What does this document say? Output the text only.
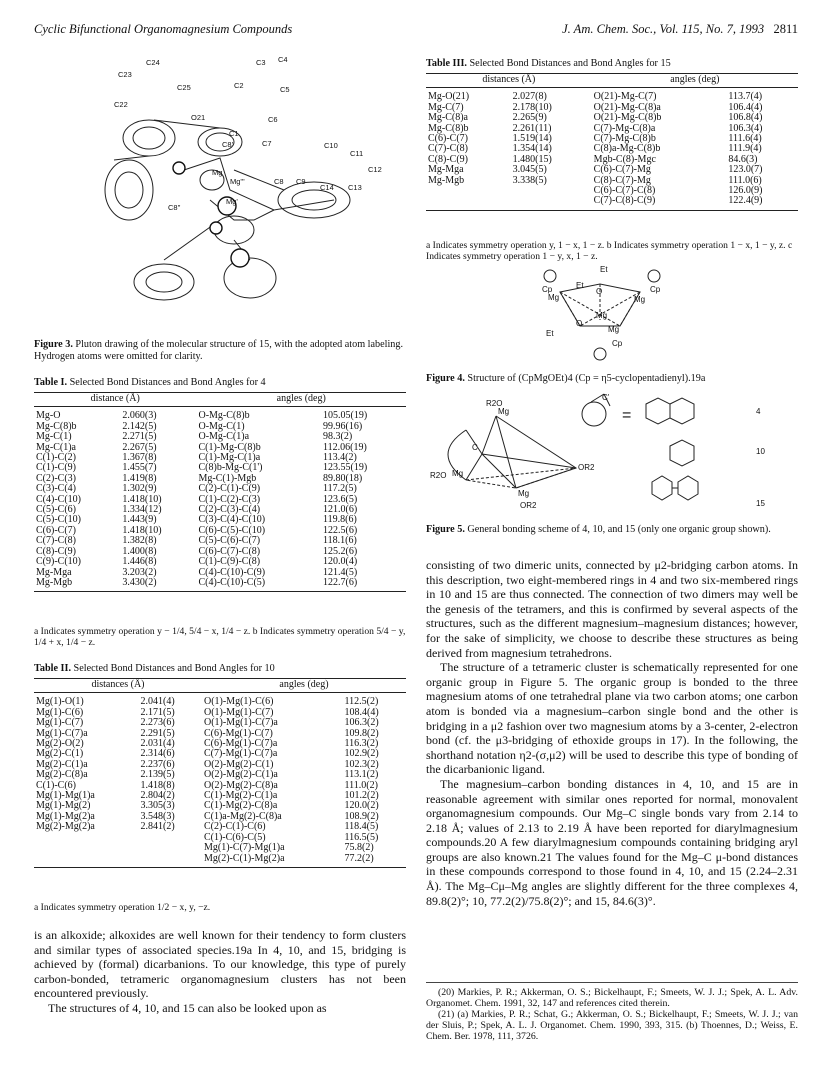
Cyclic Bifunctional Organomagnesium Compounds	J. Am. Chem. Soc., Vol. 115, No. 7, 1993 2811
C24	C3 C4
C23
C25	C2	C5
C22
O21	C6
C1
C8'	C7
Mg
C10
C11
C12
C9
C8
C14 C13
Mg'''
Mg'
C8''
Figure 3. Pluton drawing of the molecular structure of 15, with the adopted atom labeling. Hydrogen atoms were omitted for clarity.
Table I. Selected Bond Distances and Bond Angles for 4
distance (Å)		angles (deg)	
Mg-O	2.060(3)	O-Mg-C(8)b	105.05(19)
Mg-C(8)b	2.142(5)	O-Mg-C(1)	99.96(16)
Mg-C(1)	2.271(5)	O-Mg-C(1)a	98.3(2)
Mg-C(1)a	2.267(5)	C(1)-Mg-C(8)b	112.06(19)
C(1)-C(2)	1.367(8)	C(1)-Mg-C(1)a	113.4(2)
C(1)-C(9)	1.455(7)	C(8)b-Mg-C(1')	123.55(19)
C(2)-C(3)	1.419(8)	Mg-C(1)-Mgb	89.80(18)
C(3)-C(4)	1.302(9)	C(2)-C(1)-C(9)	117.2(5)
C(4)-C(10)	1.418(10)	C(1)-C(2)-C(3)	123.6(5)
C(5)-C(6)	1.334(12)	C(2)-C(3)-C(4)	121.0(6)
C(5)-C(10)	1.443(9)	C(3)-C(4)-C(10)	119.8(6)
C(6)-C(7)	1.418(10)	C(6)-C(5)-C(10)	122.5(6)
C(7)-C(8)	1.382(8)	C(5)-C(6)-C(7)	118.1(6)
C(8)-C(9)	1.400(8)	C(6)-C(7)-C(8)	125.2(6)
C(9)-C(10)	1.446(8)	C(1)-C(9)-C(8)	120.0(4)
Mg-Mga	3.203(2)	C(4)-C(10)-C(9)	121.4(5)
Mg-Mgb	3.430(2)	C(4)-C(10)-C(5)	122.7(6)
a Indicates symmetry operation y − 1/4, 5/4 − x, 1/4 − z. b Indicates symmetry operation 5/4 − y, 1/4 + x, 1/4 − z.
Table II. Selected Bond Distances and Bond Angles for 10
distances (Å)		angles (deg)	
Mg(1)-O(1)	2.041(4)	O(1)-Mg(1)-C(6)	112.5(2)
Mg(1)-C(6)	2.171(5)	O(1)-Mg(1)-C(7)	108.4(4)
Mg(1)-C(7)	2.273(6)	O(1)-Mg(1)-C(7)a	106.3(2)
Mg(1)-C(7)a	2.291(5)	C(6)-Mg(1)-C(7)	109.8(2)
Mg(2)-O(2)	2.031(4)	C(6)-Mg(1)-C(7)a	116.3(2)
Mg(2)-C(1)	2.314(6)	C(7)-Mg(1)-C(7)a	102.9(2)
Mg(2)-C(1)a	2.237(6)	O(2)-Mg(2)-C(1)	102.3(2)
Mg(2)-C(8)a	2.139(5)	O(2)-Mg(2)-C(1)a	113.1(2)
C(1)-C(6)	1.418(8)	O(2)-Mg(2)-C(8)a	111.0(2)
Mg(1)-Mg(1)a	2.804(2)	C(1)-Mg(2)-C(1)a	101.2(2)
Mg(1)-Mg(2)	3.305(3)	C(1)-Mg(2)-C(8)a	120.0(2)
Mg(1)-Mg(2)a	3.548(3)	C(1)a-Mg(2)-C(8)a	108.9(2)
Mg(2)-Mg(2)a	2.841(2)	C(2)-C(1)-C(6)	118.4(5)
		C(1)-C(6)-C(5)	116.5(5)
		Mg(1)-C(7)-Mg(1)a	75.8(2)
		Mg(2)-C(1)-Mg(2)a	77.2(2)
a Indicates symmetry operation 1/2 − x, y, −z.

is an alkoxide; alkoxides are well known for their tendency to form clusters and similar types of associated species.19a In 4, 10, and 15, bridging is achieved by (formal) dicarbanions. To our knowledge, this type of purely carbon-bonded, tetrameric organomagnesium clusters has not been encountered previously.

The structures of 4, 10, and 15 can also be looked upon as

Table III. Selected Bond Distances and Bond Angles for 15
distances (Å)		angles (deg)	
Mg-O(21)	2.027(8)	O(21)-Mg-C(7)	113.7(4)
Mg-C(7)	2.178(10)	O(21)-Mg-C(8)a	106.4(4)
Mg-C(8)a	2.265(9)	O(21)-Mg-C(8)b	106.8(4)
Mg-C(8)b	2.261(11)	C(7)-Mg-C(8)a	106.3(4)
C(6)-C(7)	1.519(14)	C(7)-Mg-C(8)b	111.6(4)
C(7)-C(8)	1.354(14)	C(8)a-Mg-C(8)b	111.9(4)
C(8)-C(9)	1.480(15)	Mgb-C(8)-Mgc	84.6(3)
Mg-Mga	3.045(5)	C(6)-C(7)-Mg	123.0(7)
Mg-Mgb	3.338(5)	C(8)-C(7)-Mg	111.0(6)
		C(6)-C(7)-C(8)	126.0(9)
		C(7)-C(8)-C(9)	122.4(9)
a Indicates symmetry operation y, 1 − x, 1 − z. b Indicates symmetry operation 1 − x, 1 − y, z. c Indicates symmetry operation 1 − y, x, 1 − z.
Et
Cp	Cp
Mg
O
Mg
Mg
Et
O
Et	Mg
Cp
Figure 4. Structure of (CpMgOEt)4 (Cp = η5-cyclopentadienyl).19a
=
R2O
Mg
C
Mg
R2O
Mg
OR2
OR2
C'
4
10
15
Figure 5. General bonding scheme of 4, 10, and 15 (only one organic group shown).

consisting of two dimeric units, connected by μ2-bridging carbon atoms. In this description, two eight-membered rings in 4 and two six-membered rings in 10 and 15 are thus connected. The connection of two dimers may well be the genesis of the tetramers, and this is confirmed by several aspects of the structures, such as the different magnesium–magnesium distances; however, for the sake of simplicity, we choose to describe these structures as being derived from magnesium tetrahedrons.

The structure of a tetrameric cluster is schematically represented for one organic group in Figure 5. The organic group is bonded to the three magnesium atoms of one tetrahedral plane via two carbon atoms; one carbon atom is bonded via a magnesium–carbon single bond and the other is bridging in a μ2 fashion over two magnesium atoms by a 3-center, 2-electron bond (cf. the μ3-bridging of ethoxide groups in 17). In the following, the shorthand notation η2-(σ,μ2) will be used to describe this type of bonding of the dicarbanionic ligand.

The magnesium–carbon bonding distances in 4, 10, and 15 are in reasonable agreement with similar ones reported for normal, monovalent organomagnesium compounds. Our Mg–C single bonds vary from 2.14 to 2.18 Å; values of 2.13 to 2.19 Å have been reported for diarylmagnesium compounds.20 A few diarylmagnesium compounds containing bridging aryl groups are also known.21 The values found for the Mg–C μ-bond distances in these compounds correspond to those found in 4, 10, and 15 (2.24–2.31 Å). The Mg–Cμ–Mg angles are slightly different for the three complexes 4, 89.8(2)°; 10, 77.2(2)/75.8(2)°; and 15, 84.6(3)°.

(20) Markies, P. R.; Akkerman, O. S.; Bickelhaupt, F.; Smeets, W. J. J.; Spek, A. L. Adv. Organomet. Chem. 1991, 32, 147 and references cited therein.

(21) (a) Markies, P. R.; Schat, G.; Akkerman, O. S.; Bickelhaupt, F.; Smeets, W. J. J.; van der Sluis, P.; Spek, A. L. J. Organomet. Chem. 1990, 393, 315. (b) Thoennes, D.; Weiss, E. Chem. Ber. 1978, 111, 3726.
